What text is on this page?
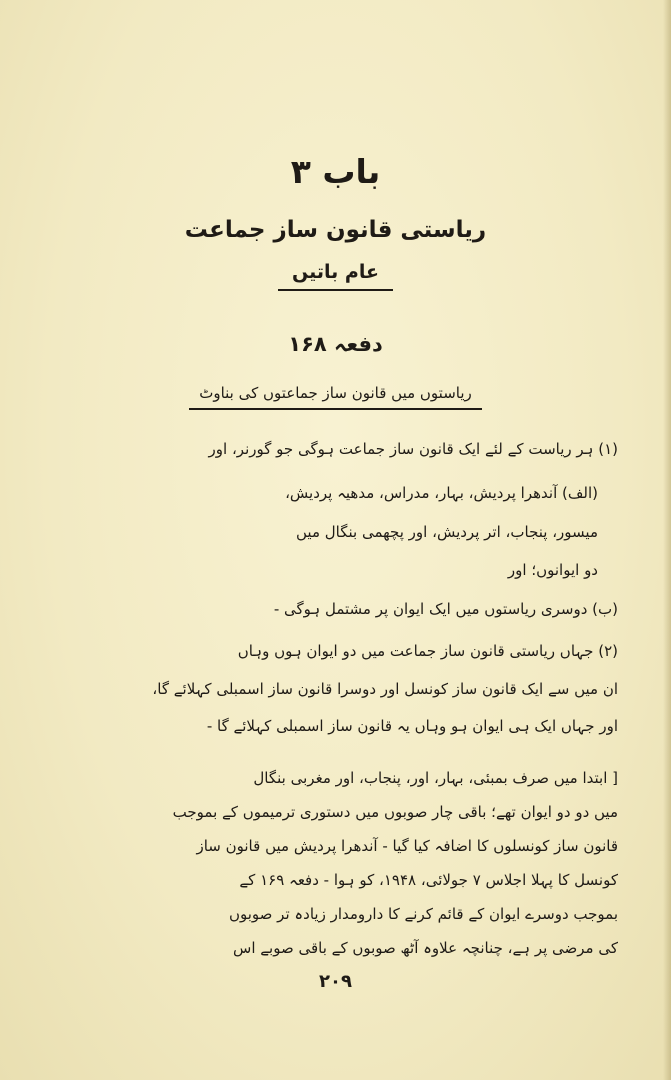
باب ۳
ریاستی قانون ساز جماعت
عام باتیں
دفعہ ۱۶۸
ریاستوں میں قانون ساز جماعتوں کی بناوٹ
(۱) ہر ریاست کے لئے ایک قانون ساز جماعت ہوگی جو گورنر، اور
(الف) آندھرا پردیش، بہار، مدراس، مدھیہ پردیش،
میسور، پنجاب، اتر پردیش، اور پچھمی بنگال میں
دو ایوانوں؛ اور
(ب) دوسری ریاستوں میں ایک ایوان پر مشتمل ہوگی -
(۲) جہاں ریاستی قانون ساز جماعت میں دو ایوان ہوں وہاں
ان میں سے ایک قانون ساز کونسل اور دوسرا قانون ساز اسمبلی کہلائے گا،
اور جہاں ایک ہی ایوان ہو وہاں یہ قانون ساز اسمبلی کہلائے گا -
[ ابتدا میں صرف بمبئی، بہار، اور، پنجاب، اور مغربی بنگال
میں دو دو ایوان تھے؛ باقی چار صوبوں میں دستوری ترمیموں کے بموجب
قانون ساز کونسلوں کا اضافہ کیا گیا - آندھرا پردیش میں قانون ساز
کونسل کا پہلا اجلاس ۷ جولائی، ۱۹۴۸، کو ہوا - دفعہ ۱۶۹ کے
بموجب دوسرے ایوان کے قائم کرنے کا دارومدار زیادہ تر صوبوں
کی مرضی پر ہے، چنانچہ علاوہ آٹھ صوبوں کے باقی صوبے اس
۲۰۹
